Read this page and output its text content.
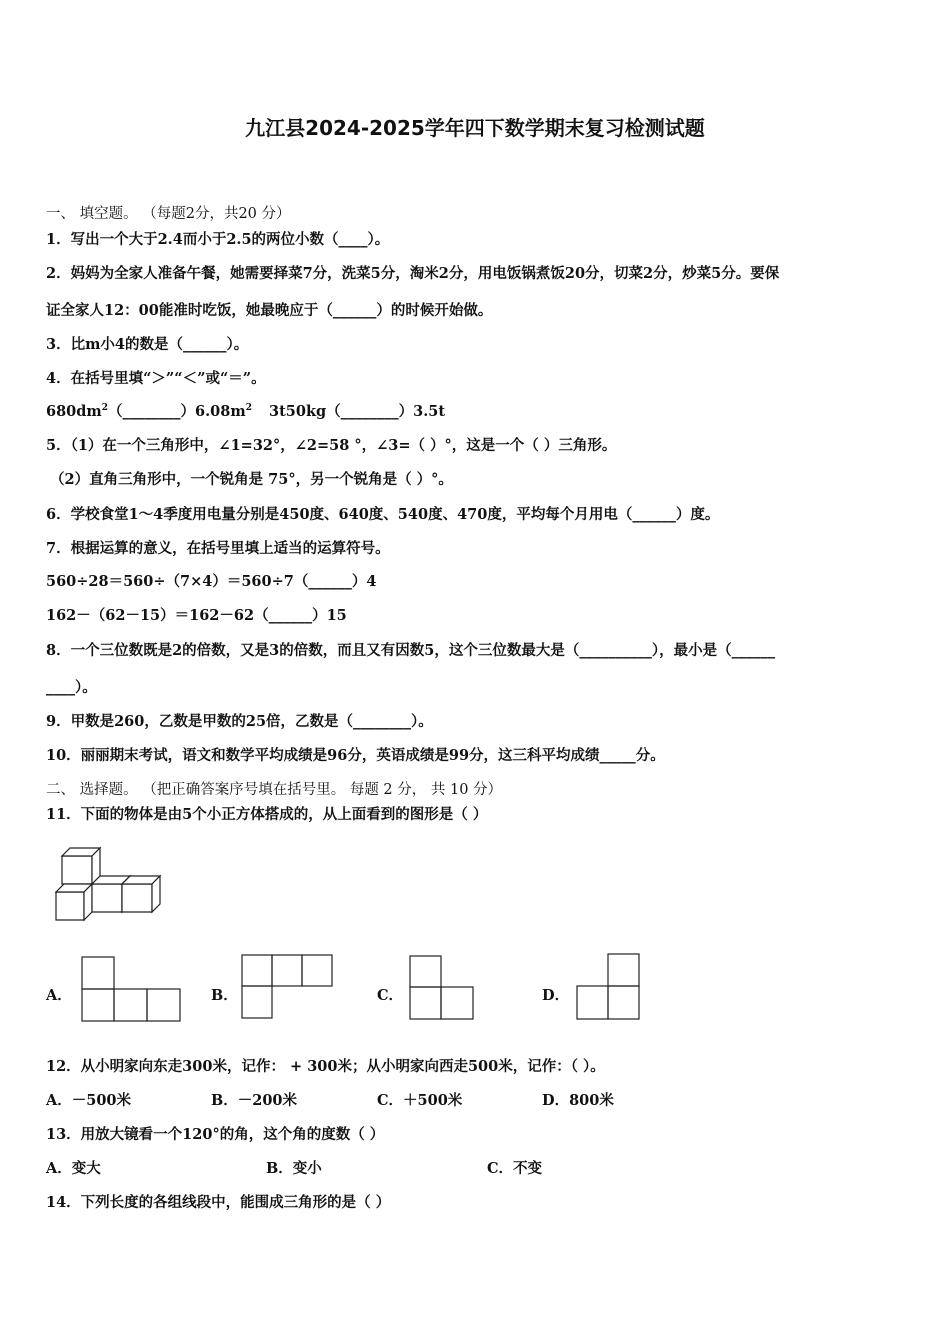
九江县2024-2025学年四下数学期末复习检测试题
一、 填空题。 （每题2分，共20 分）
1．写出一个大于2.4而小于2.5的两位小数（____）。
2．妈妈为全家人准备午餐，她需要择菜7分，洗菜5分，淘米2分，用电饭锅煮饭20分，切菜2分，炒菜5分。要保
证全家人12：00能准时吃饭，她最晚应于（______）的时候开始做。
3．比m小4的数是（______）。
4．在括号里填“＞”“＜”或“＝”。
$680dm^2(\_\_\_\_\_\_\_\_)6.08m^2$ 3t50kg（________）3.5t
5．（1）在一个三角形中，∠1=32°，∠2=58 °，∠3=（ ）°，这是一个（ ）三角形。
（2）直角三角形中，一个锐角是 75°，另一个锐角是（ ）°。
6．学校食堂1～4季度用电量分别是450度、640度、540度、470度，平均每个月用电（______）度。
7．根据运算的意义，在括号里填上适当的运算符号。
560÷28＝560÷（7×4）＝560÷7（______）4
162－（62－15）＝162－62（______）15
8．一个三位数既是2的倍数，又是3的倍数，而且又有因数5，这个三位数最大是（__________），最小是（______
____）。
9．甲数是260，乙数是甲数的25倍，乙数是（________）。
10．丽丽期末考试，语文和数学平均成绩是96分，英语成绩是99分，这三科平均成绩_____分。
二、 选择题。 （把正确答案序号填在括号里。 每题 2 分， 共 10 分）
11．下面的物体是由5个小正方体搭成的，从上面看到的图形是（ ）
A．	B．	C．	D．
12．从小明家向东走300米，记作： + 300米；从小明家向西走500米，记作：（ ）。
A．－500米	B．－200米	C．＋500米	D．800米
13．用放大镜看一个120°的角，这个角的度数（ ）
A．变大	B．变小	C．不变
14．下列长度的各组线段中，能围成三角形的是（ ）
